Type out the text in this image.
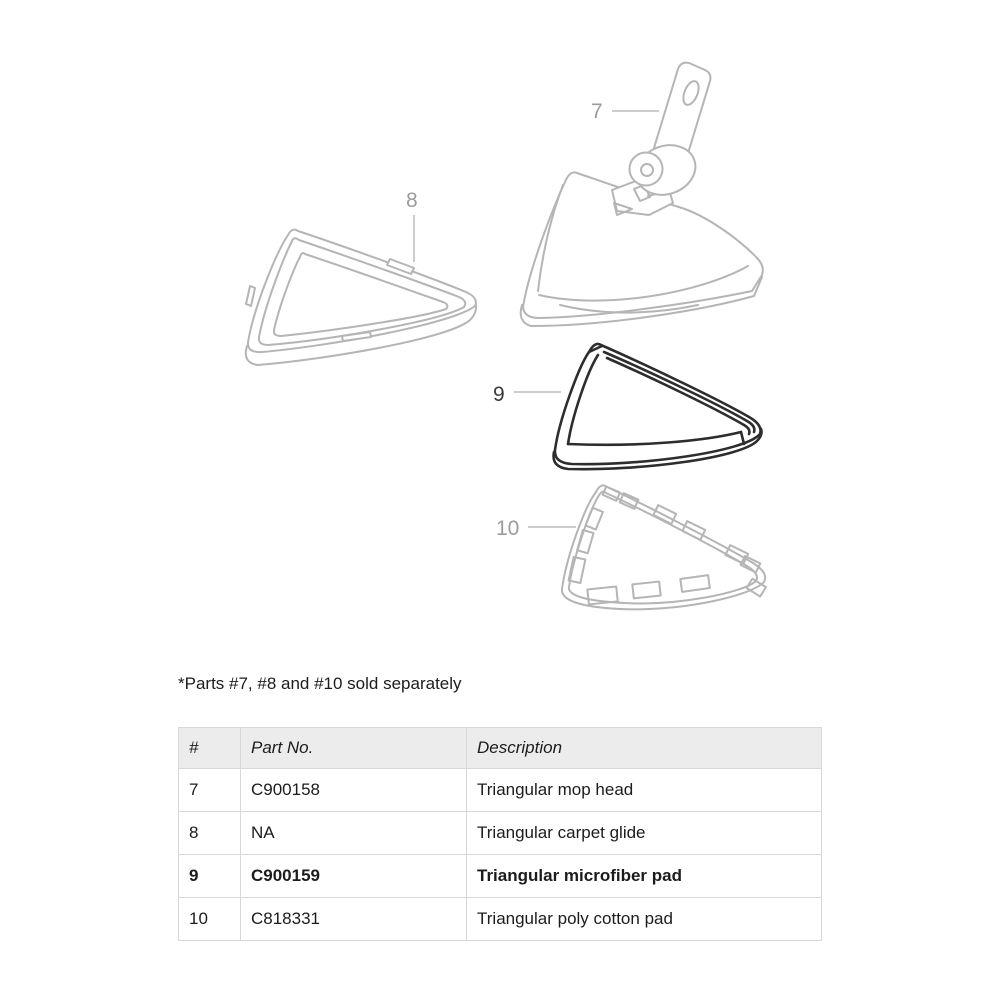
7
8
9
10

*Parts #7, #8 and #10 sold separately

#	Part No.	Description
7	C900158	Triangular mop head
8	NA	Triangular carpet glide
9	C900159	Triangular microfiber pad
10	C818331	Triangular poly cotton pad
